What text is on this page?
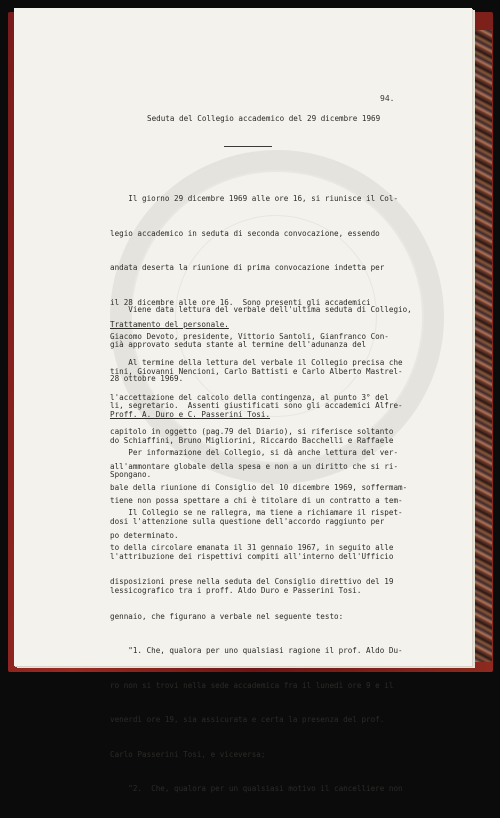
94.
Seduta del Collegio accademico del 29 dicembre 1969

Il giorno 29 dicembre 1969 alle ore 16, si riunisce il Col-

legio accademico in seduta di seconda convocazione, essendo

andata deserta la riunione di prima convocazione indetta per

il 28 dicembre alle ore 16.  Sono presenti gli accademici

Giacomo Devoto, presidente, Vittorio Santoli, Gianfranco Con-

tini, Giovanni Nencioni, Carlo Battisti e Carlo Alberto Mastrel-

li, segretario.  Assenti giustificati sono gli accademici Alfre-

do Schiaffini, Bruno Migliorini, Riccardo Bacchelli e Raffaele

Spongano.

Viene data lettura del verbale dell'ultima seduta di Collegio,

già approvato seduta stante al termine dell'adunanza del

28 ottobre 1969.

Trattamento del personale.

Al termine della lettura del verbale il Collegio precisa che

l'accettazione del calcolo della contingenza, al punto 3° del

capitolo in oggetto (pag.79 del Diario), si riferisce soltanto

all'ammontare globale della spesa e non a un diritto che si ri-

tiene non possa spettare a chi è titolare di un contratto a tem-

po determinato.

Proff. A. Duro e C. Passerini Tosi.

Per informazione del Collegio, si dà anche lettura del ver-

bale della riunione di Consiglio del 10 dicembre 1969, soffermam-

dosi l'attenzione sulla questione dell'accordo raggiunto per

l'attribuzione dei rispettivi compiti all'interno dell'Ufficio

lessicografico tra i proff. Aldo Duro e Passerini Tosi.

Il Collegio se ne rallegra, ma tiene a richiamare il rispet-

to della circolare emanata il 31 gennaio 1967, in seguito alle

disposizioni prese nella seduta del Consiglio direttivo del 19

gennaio, che figurano a verbale nel seguente testo:

"1. Che, qualora per uno qualsiasi ragione il prof. Aldo Du-

ro non si trovi nella sede accademica fra il lunedì ore 9 e il

venerdì ore 19, sia assicurata e certa la presenza del prof.

Carlo Passerini Tosi, e viceversa;

"2.  Che, qualora per un qualsiasi motivo il cancelliere non
